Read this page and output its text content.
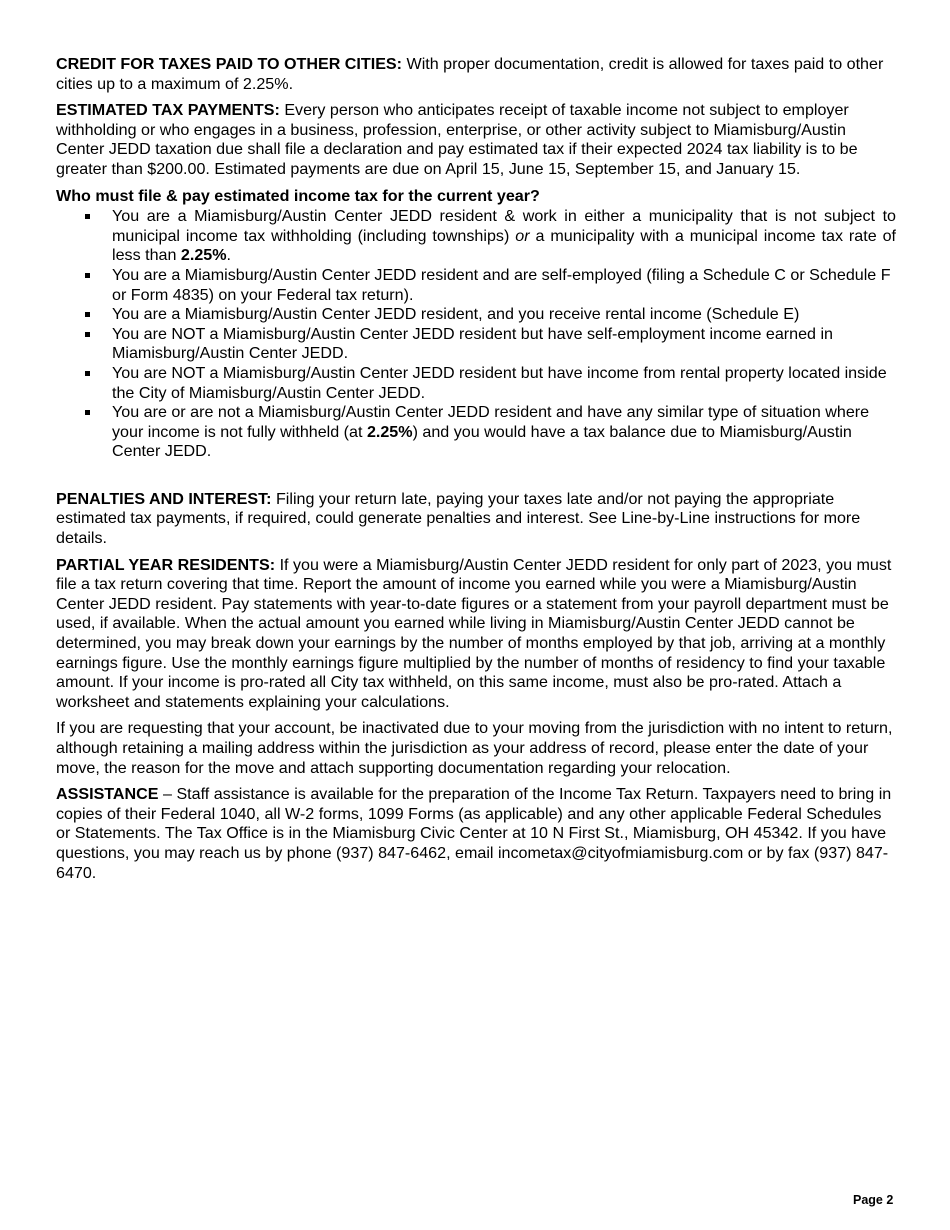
CREDIT FOR TAXES PAID TO OTHER CITIES: With proper documentation, credit is allowed for taxes paid to other cities up to a maximum of 2.25%.

ESTIMATED TAX PAYMENTS: Every person who anticipates receipt of taxable income not subject to employer withholding or who engages in a business, profession, enterprise, or other activity subject to Miamisburg/Austin Center JEDD taxation due shall file a declaration and pay estimated tax if their expected 2024 tax liability is to be greater than $200.00. Estimated payments are due on April 15, June 15, September 15, and January 15.

Who must file & pay estimated income tax for the current year?

You are a Miamisburg/Austin Center JEDD resident & work in either a municipality that is not subject to municipal income tax withholding (including townships) or a municipality with a municipal income tax rate of less than 2.25%.
You are a Miamisburg/Austin Center JEDD resident and are self-employed (filing a Schedule C or Schedule F or Form 4835) on your Federal tax return).
You are a Miamisburg/Austin Center JEDD resident, and you receive rental income (Schedule E)
You are NOT a Miamisburg/Austin Center JEDD resident but have self-employment income earned in Miamisburg/Austin Center JEDD.
You are NOT a Miamisburg/Austin Center JEDD resident but have income from rental property located inside the City of Miamisburg/Austin Center JEDD.
You are or are not a Miamisburg/Austin Center JEDD resident and have any similar type of situation where your income is not fully withheld (at 2.25%) and you would have a tax balance due to Miamisburg/Austin Center JEDD.

PENALTIES AND INTEREST: Filing your return late, paying your taxes late and/or not paying the appropriate estimated tax payments, if required, could generate penalties and interest. See Line-by-Line instructions for more details.

PARTIAL YEAR RESIDENTS: If you were a Miamisburg/Austin Center JEDD resident for only part of 2023, you must file a tax return covering that time. Report the amount of income you earned while you were a Miamisburg/Austin Center JEDD resident. Pay statements with year-to-date figures or a statement from your payroll department must be used, if available. When the actual amount you earned while living in Miamisburg/Austin Center JEDD cannot be determined, you may break down your earnings by the number of months employed by that job, arriving at a monthly earnings figure. Use the monthly earnings figure multiplied by the number of months of residency to find your taxable amount. If your income is pro-rated all City tax withheld, on this same income, must also be pro-rated. Attach a worksheet and statements explaining your calculations.

If you are requesting that your account, be inactivated due to your moving from the jurisdiction with no intent to return, although retaining a mailing address within the jurisdiction as your address of record, please enter the date of your move, the reason for the move and attach supporting documentation regarding your relocation.

ASSISTANCE – Staff assistance is available for the preparation of the Income Tax Return. Taxpayers need to bring in copies of their Federal 1040, all W-2 forms, 1099 Forms (as applicable) and any other applicable Federal Schedules or Statements. The Tax Office is in the Miamisburg Civic Center at 10 N First St., Miamisburg, OH 45342. If you have questions, you may reach us by phone (937) 847-6462, email incometax@cityofmiamisburg.com or by fax (937) 847-6470.

Page 2
